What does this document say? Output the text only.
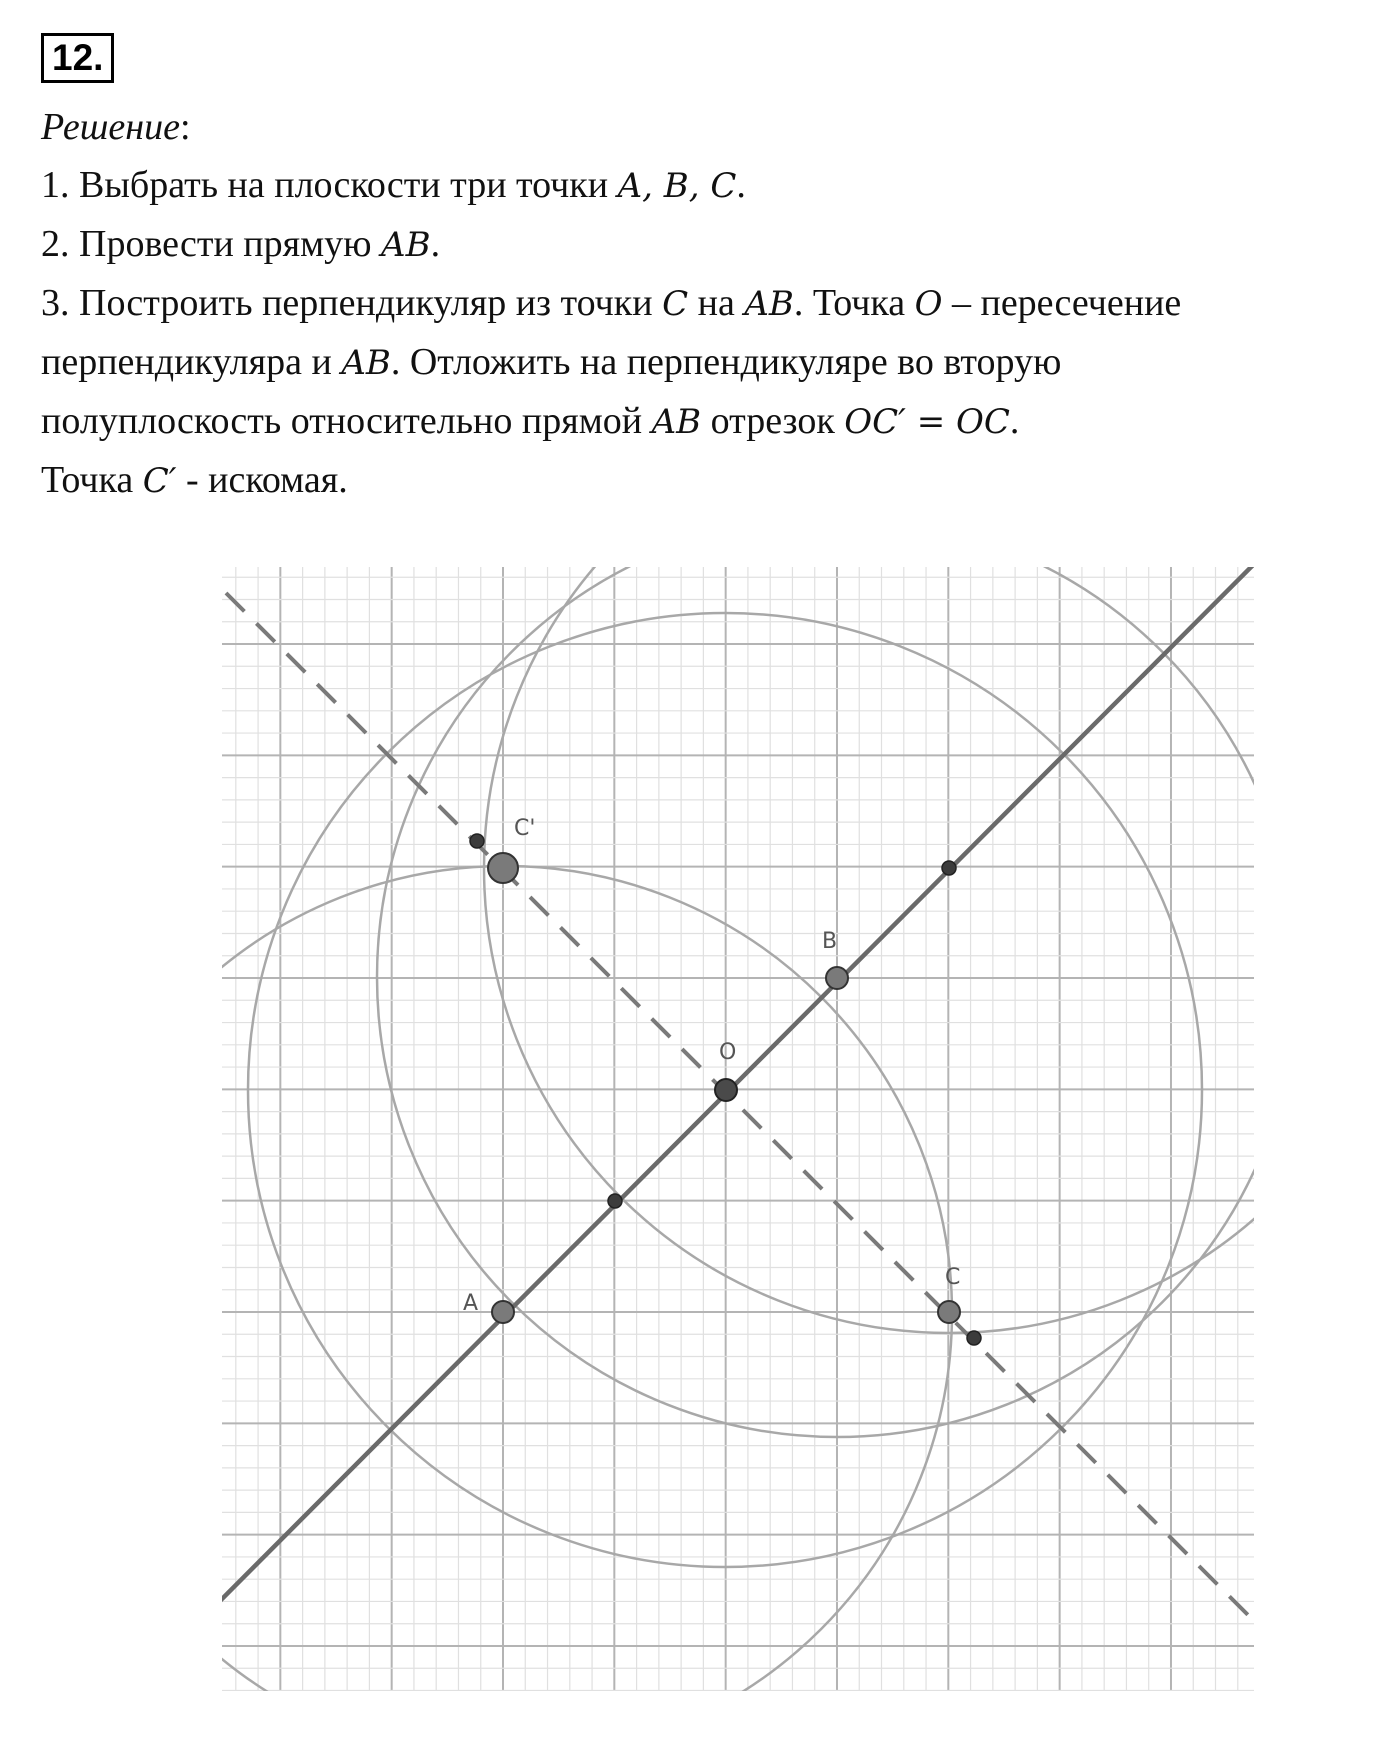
12.

Решение:

1. Выбрать на плоскости три точки A, B, C.

2. Провести прямую AB.

3. Построить перпендикуляр из точки C на AB. Точка O – пересечение

перпендикуляра и AB. Отложить на перпендикуляре во вторую

полуплоскость относительно прямой AB отрезок OC′ = OC.

Точка C′ - искомая.

A
B
O
C
C'
